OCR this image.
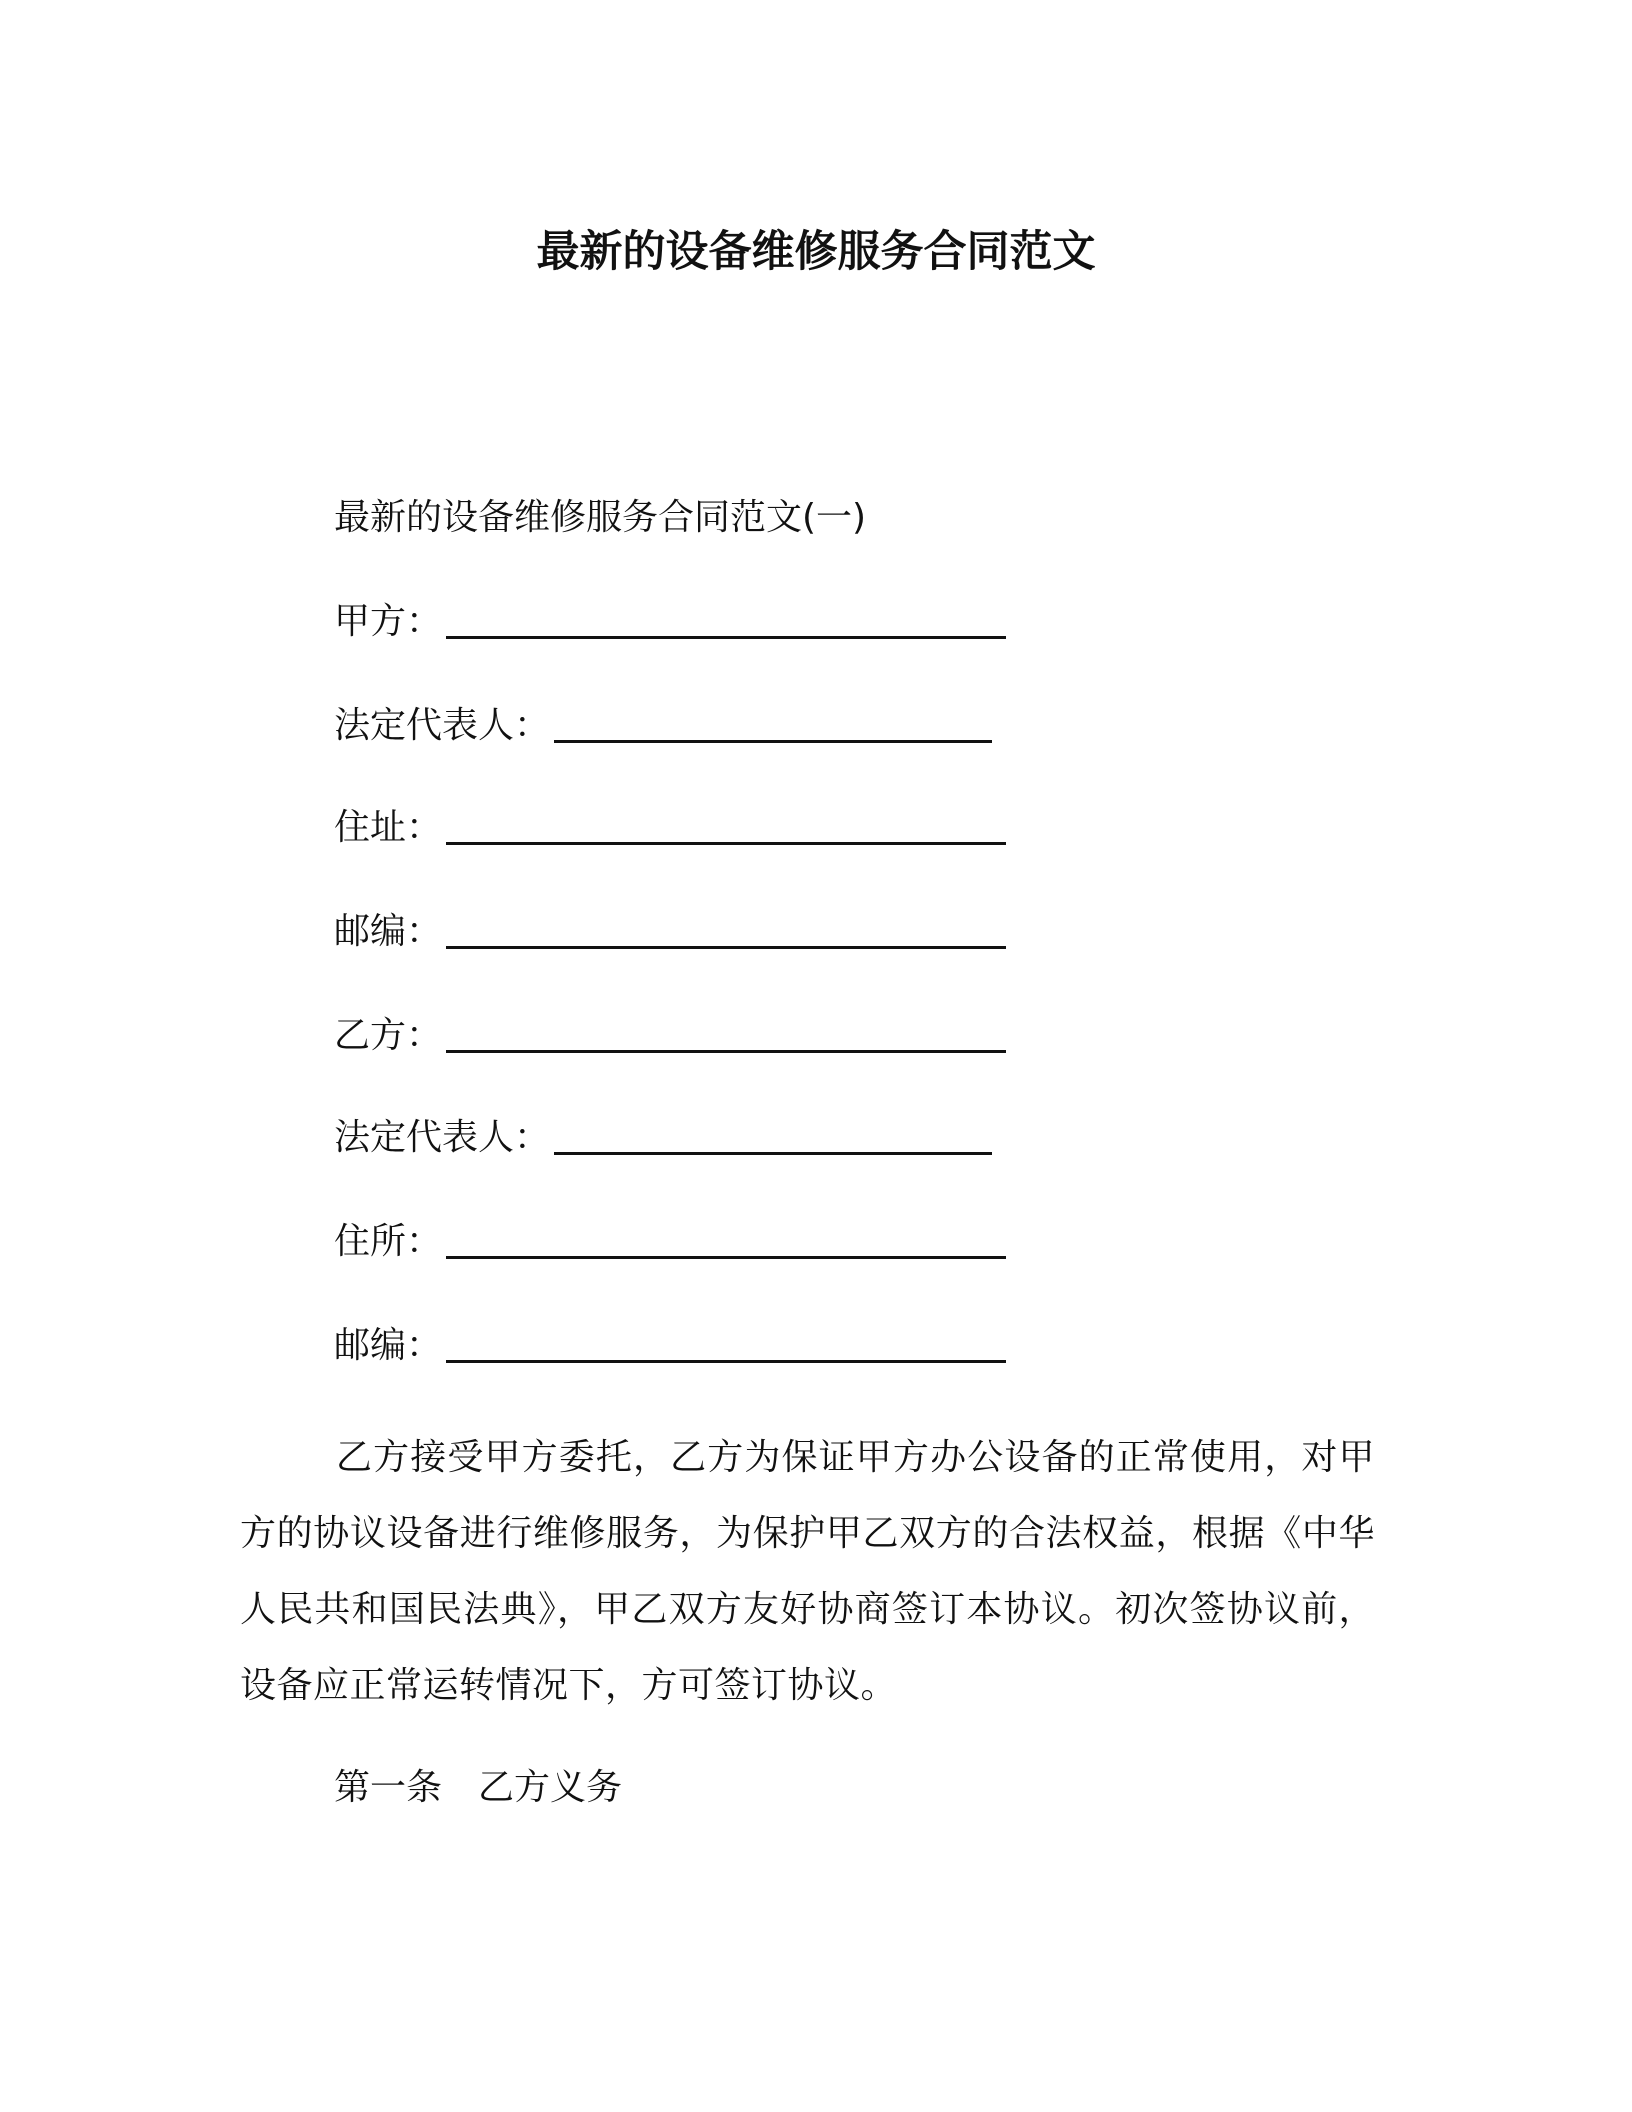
最新的设备维修服务合同范文
最新的设备维修服务合同范文(一)
甲方：
法定代表人：
住址：
邮编：
乙方：
法定代表人：
住所：
邮编：
乙方接受甲方委托，乙方为保证甲方办公设备的正常使用，对甲方的协议设备进行维修服务，为保护甲乙双方的合法权益，根据《中华人民共和国民法典》，甲乙双方友好协商签订本协议。初次签协议前，设备应正常运转情况下，方可签订协议。
第一条　乙方义务
